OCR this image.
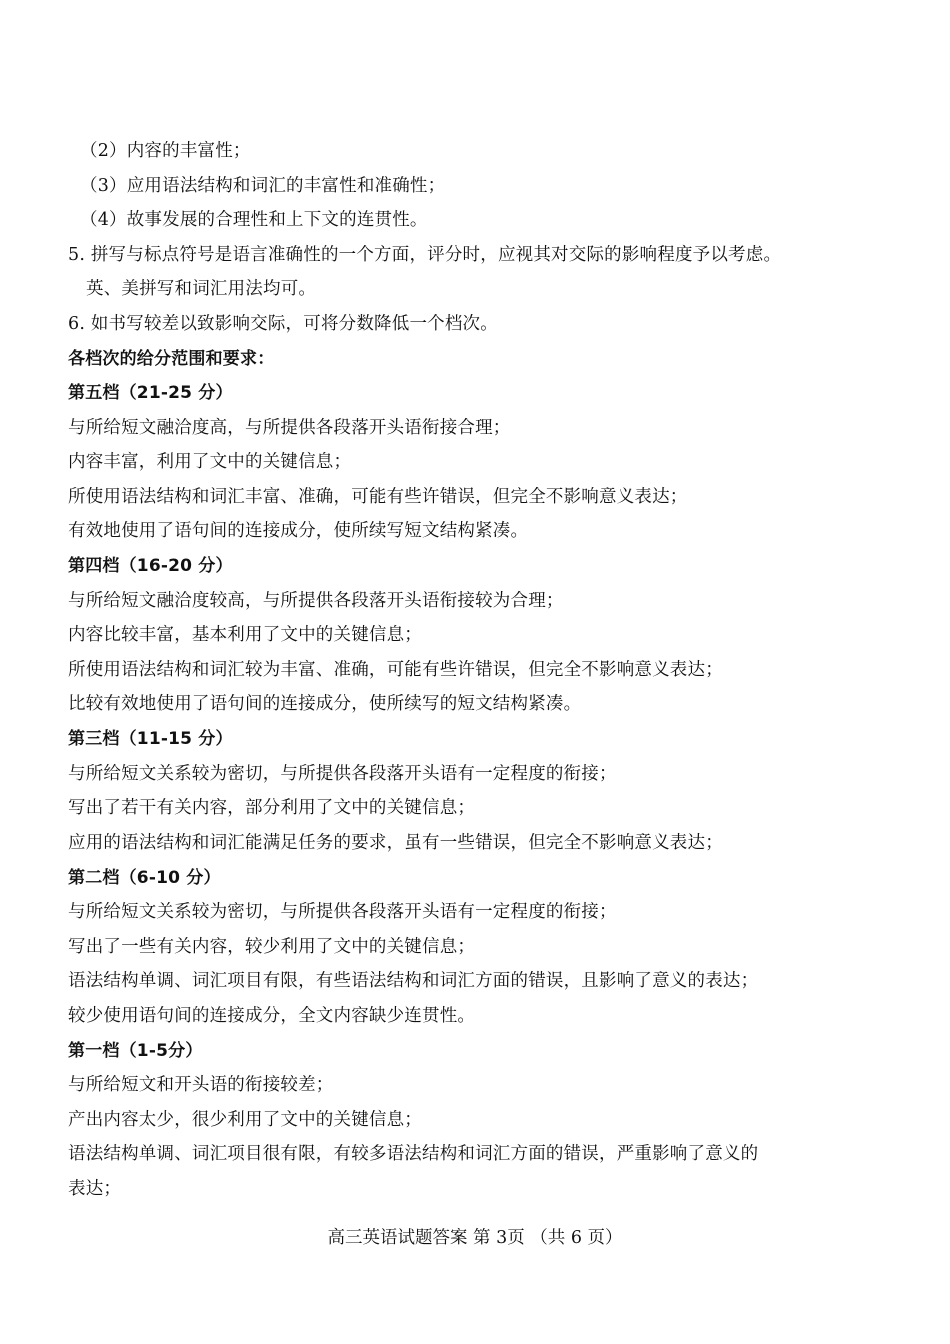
（2）内容的丰富性；
（3）应用语法结构和词汇的丰富性和准确性；
（4）故事发展的合理性和上下文的连贯性。
5. 拼写与标点符号是语言准确性的一个方面，评分时，应视其对交际的影响程度予以考虑。
英、美拼写和词汇用法均可。
6. 如书写较差以致影响交际，可将分数降低一个档次。
各档次的给分范围和要求：
第五档（21-25 分）
与所给短文融洽度高，与所提供各段落开头语衔接合理；
内容丰富，利用了文中的关键信息；
所使用语法结构和词汇丰富、准确，可能有些许错误，但完全不影响意义表达；
有效地使用了语句间的连接成分，使所续写短文结构紧凑。
第四档（16-20 分）
与所给短文融洽度较高，与所提供各段落开头语衔接较为合理；
内容比较丰富，基本利用了文中的关键信息；
所使用语法结构和词汇较为丰富、准确，可能有些许错误，但完全不影响意义表达；
比较有效地使用了语句间的连接成分，使所续写的短文结构紧凑。
第三档（11-15 分）
与所给短文关系较为密切，与所提供各段落开头语有一定程度的衔接；
写出了若干有关内容，部分利用了文中的关键信息；
应用的语法结构和词汇能满足任务的要求，虽有一些错误，但完全不影响意义表达；
第二档（6-10 分）
与所给短文关系较为密切，与所提供各段落开头语有一定程度的衔接；
写出了一些有关内容，较少利用了文中的关键信息；
语法结构单调、词汇项目有限，有些语法结构和词汇方面的错误，且影响了意义的表达；
较少使用语句间的连接成分，全文内容缺少连贯性。
第一档（1-5分）
与所给短文和开头语的衔接较差；
产出内容太少，很少利用了文中的关键信息；
语法结构单调、词汇项目很有限，有较多语法结构和词汇方面的错误，严重影响了意义的
表达；
高三英语试题答案 第 3页 （共 6 页）
